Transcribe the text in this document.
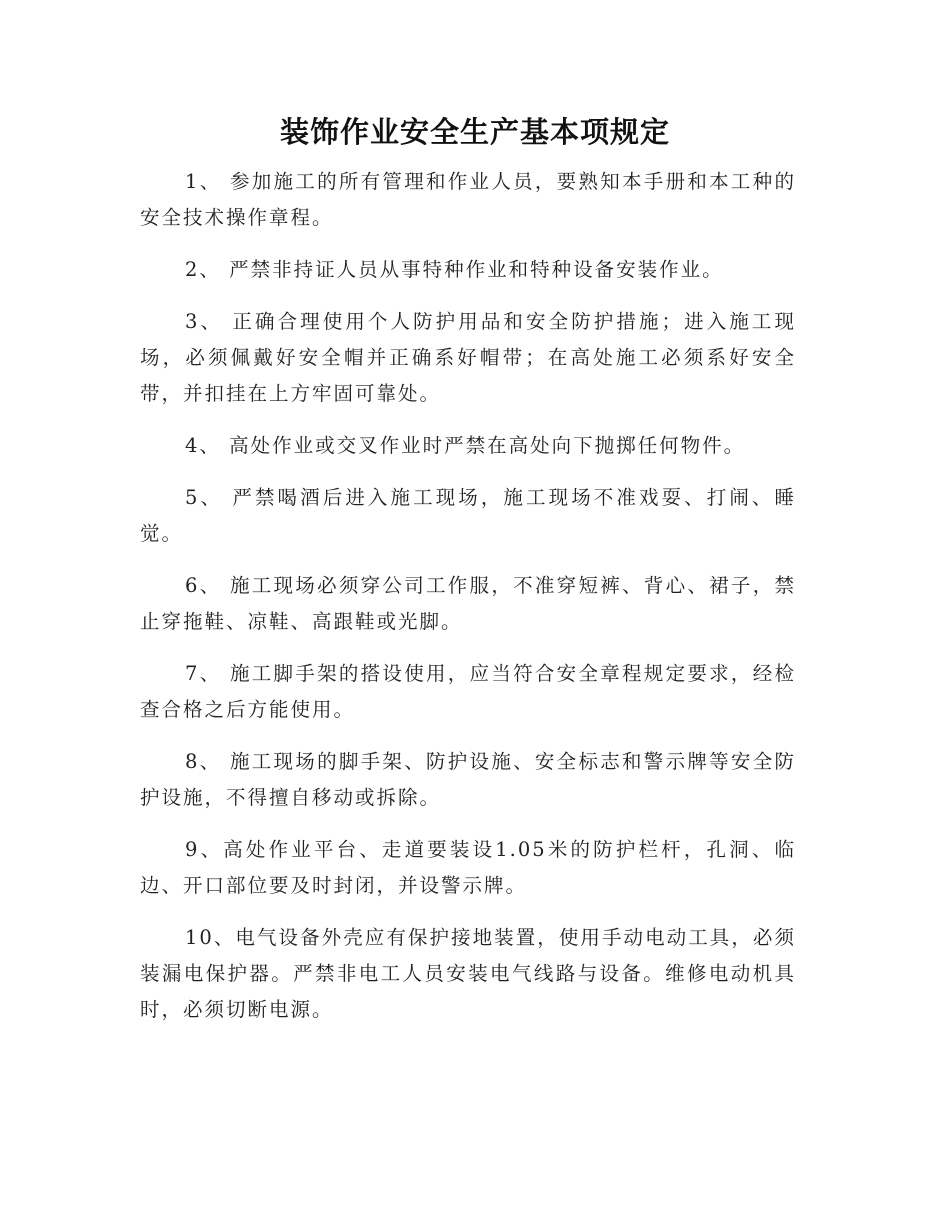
装饰作业安全生产基本项规定

1、 参加施工的所有管理和作业人员，要熟知本手册和本工种的安全技术操作章程。

2、 严禁非持证人员从事特种作业和特种设备安装作业。

3、 正确合理使用个人防护用品和安全防护措施；进入施工现场，必须佩戴好安全帽并正确系好帽带；在高处施工必须系好安全带，并扣挂在上方牢固可靠处。

4、 高处作业或交叉作业时严禁在高处向下抛掷任何物件。

5、 严禁喝酒后进入施工现场，施工现场不准戏耍、打闹、睡觉。

6、 施工现场必须穿公司工作服，不准穿短裤、背心、裙子，禁止穿拖鞋、凉鞋、高跟鞋或光脚。

7、 施工脚手架的搭设使用，应当符合安全章程规定要求，经检查合格之后方能使用。

8、 施工现场的脚手架、防护设施、安全标志和警示牌等安全防护设施，不得擅自移动或拆除。

9、高处作业平台、走道要装设1.05米的防护栏杆，孔洞、临边、开口部位要及时封闭，并设警示牌。

10、电气设备外壳应有保护接地装置，使用手动电动工具，必须装漏电保护器。严禁非电工人员安装电气线路与设备。维修电动机具时，必须切断电源。
